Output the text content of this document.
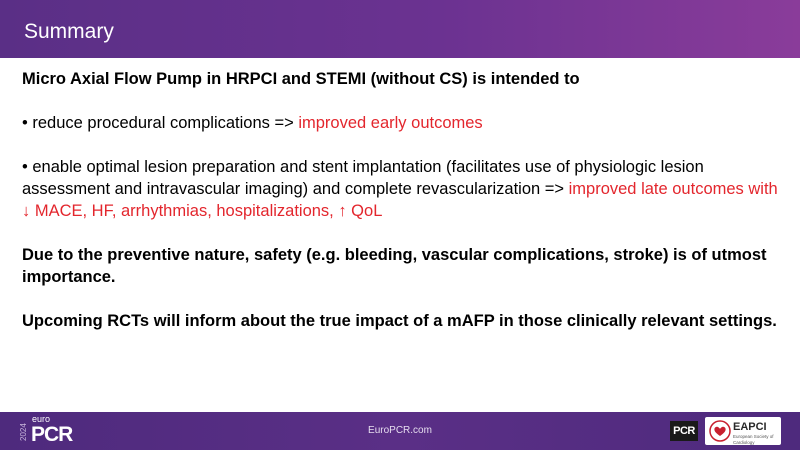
Summary

Micro Axial Flow Pump in HRPCI and STEMI (without CS) is intended to

• reduce procedural complications => improved early outcomes

• enable optimal lesion preparation and stent implantation (facilitates use of physiologic lesion assessment and intravascular imaging) and complete revascularization => improved late outcomes with ↓ MACE, HF, arrhythmias, hospitalizations, ↑ QoL

Due to the preventive nature, safety (e.g. bleeding, vascular complications, stroke) is of utmost importance.

Upcoming RCTs will inform about the true impact of a mAFP in those clinically relevant settings.

2024
euro
PCR	EuroPCR.com	PCR	EAPCI
European Society of Cardiology
